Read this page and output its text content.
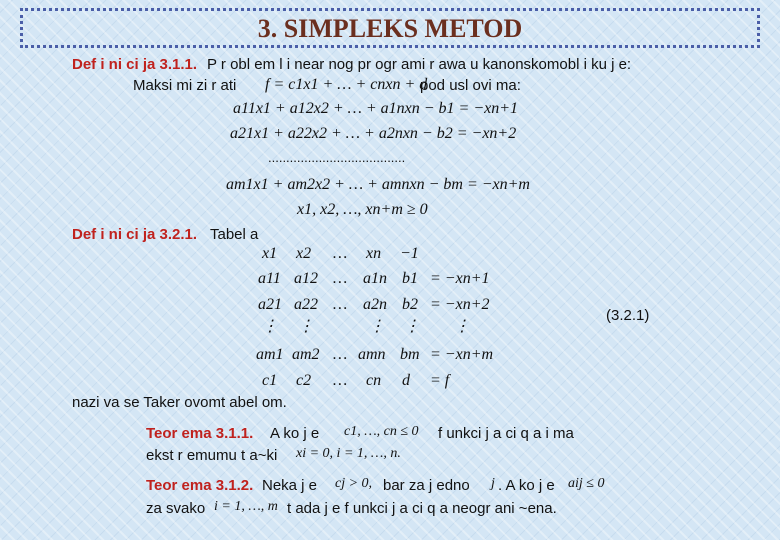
3. SIMPLEKS METOD
Def i ni ci ja 3.1.1. P r obl em l i near nog pr ogr ami r awa u kanonskomobl i ku j e:
Maksi mi zi r ati f = c1x1 + … + cnxn + d
pod usl ovi ma:
a11x1 + a12x2 + … + a1nxn − b1 = −xn+1
a21x1 + a22x2 + … + a2nxn − b2 = −xn+2
......................................
am1x1 + am2x2 + … + amnxn − bm = −xn+m
x1, x2, …, xn+m ≥ 0
Def i ni ci ja 3.2.1. Tabel a
x1 x2 … xn −1
a11 a12 … a1n b1 = −xn+1
a21 a22 … a2n b2 = −xn+2
⋮ ⋮	⋮ ⋮ ⋮
am1 am2 … amn bm = −xn+m
c1 c2 … cn d = f
(3.2.1)
nazi va se Taker ovomt abel om.
Teor ema 3.1.1. A ko j e c1, …, cn ≤ 0 f unkci j a ci q a i ma
ekst r emumu t a~ki xi = 0, i = 1, …, n.
Teor ema 3.1.2. Neka j e cj > 0, bar za j edno j . A ko j e aij ≤ 0
za svako i = 1, …, m t ada j e f unkci j a ci q a neogr ani ~ena.
